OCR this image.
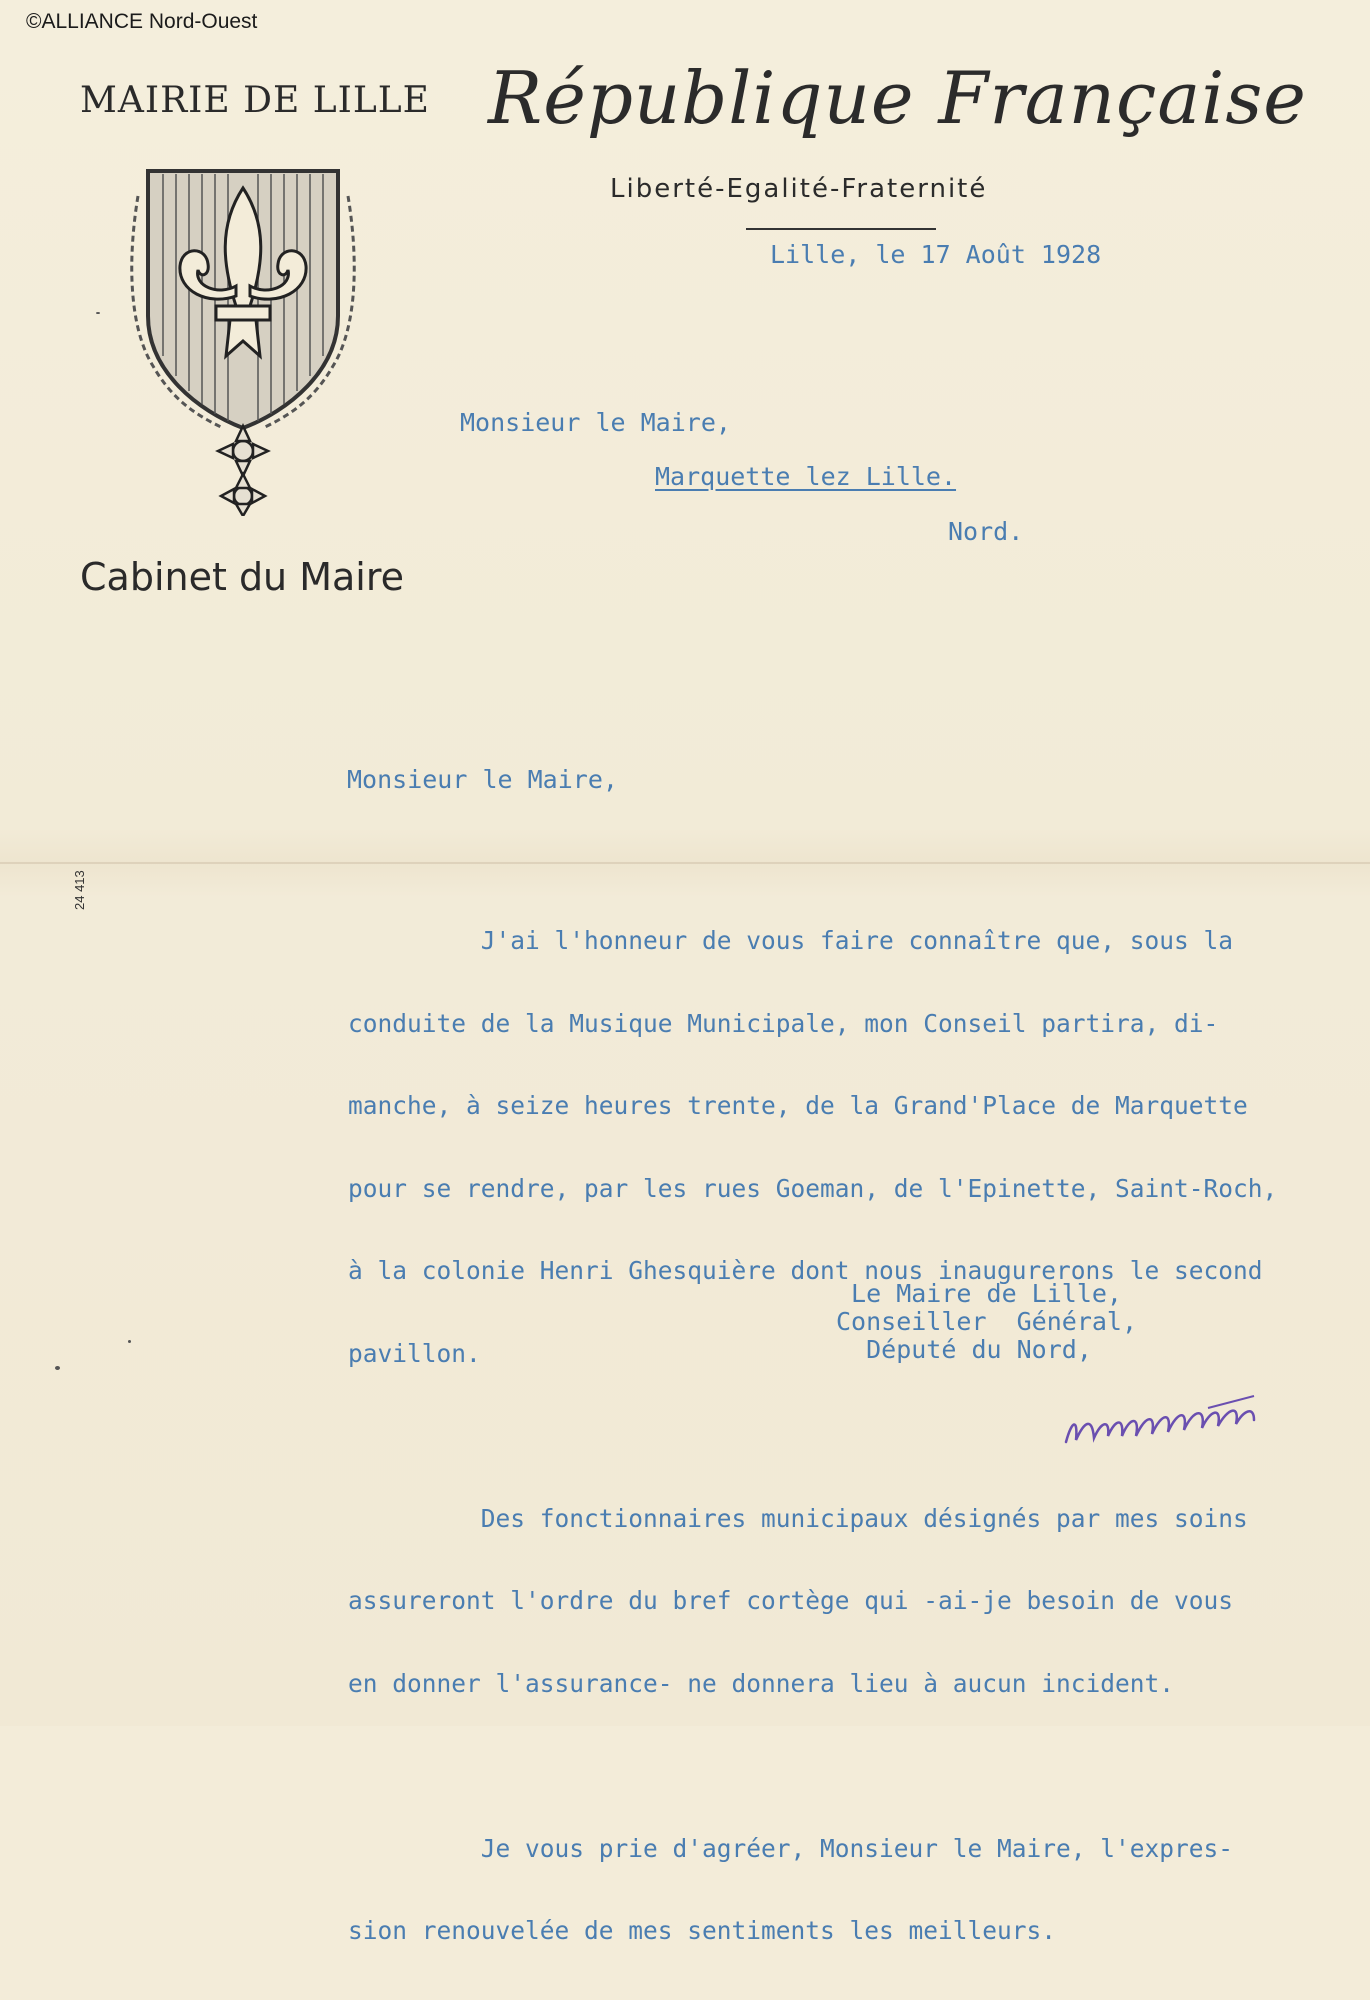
©ALLIANCE Nord-Ouest
MAIRIE DE LILLE République Française
Liberté-Egalité-Fraternité
Lille, le 17 Août 1928
Cabinet du Maire
Monsieur le Maire,
Marquette lez Lille.
Nord.
24 413
Monsieur le Maire,

J'ai l'honneur de vous faire connaître que, sous la

conduite de la Musique Municipale, mon Conseil partira, di-

manche, à seize heures trente, de la Grand'Place de Marquette

pour se rendre, par les rues Goeman, de l'Epinette, Saint-Roch,

à la colonie Henri Ghesquière dont nous inaugurerons le second

pavillon.

Des fonctionnaires municipaux désignés par mes soins

assureront l'ordre du bref cortège qui -ai-je besoin de vous

en donner l'assurance- ne donnera lieu à aucun incident.

Je vous prie d'agréer, Monsieur le Maire, l'expres-

sion renouvelée de mes sentiments les meilleurs.

Le Maire de Lille,
Conseiller  Général,
Député du Nord,
